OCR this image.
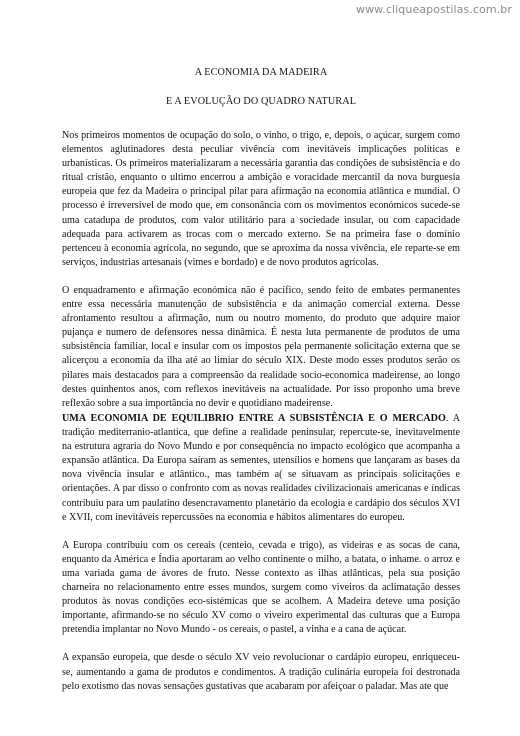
www.cliqueapostilas.com.br

A ECONOMIA DA MADEIRA
E A EVOLUÇÃO DO QUADRO NATURAL

Nos primeiros momentos de ocupação do solo, o vinho, o trigo, e, depois, o açúcar, surgem como elementos aglutinadores desta peculiar vivência com inevitáveis implicações políticas e urbanísticas. Os primeiros materializaram a necessária garantia das condições de subsistência e do ritual cristão, enquanto o ultimo encerrou a ambição e voracidade mercantil da nova burguesia europeia que fez da Madeira o principal pilar para afirmação na economia atlântica e mundial. O processo é irreversível de modo que, em consonância com os movimentos económicos sucede-se uma catadupa de produtos, com valor utilitário para a sociedade insular, ou com capacidade adequada para activarem as trocas com o mercado externo. Se na primeira fase o domínio pertenceu à economia agrícola, no segundo, que se aproxima da nossa vivência, ele reparte-se em serviços, industrias artesanais (vimes e bordado) e de novo produtos agrícolas.

O enquadramento e afirmação económica não é pacífico, sendo feito de embates permanentes entre essa necessária manutenção de subsistência e da animação comercial externa. Desse afrontamento resultou a afirmação, num ou noutro momento, do produto que adquire maior pujança e numero de defensores nessa dinâmica. É nesta luta permanente de produtos de uma subsistência familiar, local e insular com os impostos pela permanente solicitação externa que se alicerçou a economia da ilha até ao limiar do século XIX. Deste modo esses produtos serão os pilares mais destacados para a compreensão da realidade socio-economica madeirense, ao longo destes quinhentos anos, com reflexos inevitáveis na actualidade. Por isso proponho uma breve reflexão sobre a sua importância no devir e quotidiano madeirense.

UMA ECONOMIA DE EQUILIBRIO ENTRE A SUBSISTÊNCIA E O MERCADO. A tradição mediterranio-atlantica, que define a realidade peninsular, repercute-se, inevitavelmente na estrutura agraria do Novo Mundo e por consequência no impacto ecológico que acompanha a expansão atlântica. Da Europa saíram as sementes, utensílios e homens que lançaram as bases da nova vivência insular e atlântico., mas também a( se situavam as principais solicitações e orientações. A par disso o confronto com as novas realidades civilizacionais americanas e índicas contribuiu para um paulatino desencravamento planetário da ecologia e cardápio dos séculos XVI e XVII, com inevitáveis repercussões na economia e hábitos alimentares do europeu.

A Europa contribuiu com os cereais (centeio, cevada e trigo), as videiras e as socas de cana, enquanto da América e Índia aportaram ao velho continente o milho, a batata, o inhame. o arroz e uma variada gama de ávores de fruto. Nesse contexto as ilhas atlânticas, pela sua posição charneira no relacionamento entre esses mundos, surgem como viveiros da aclimatação desses produtos às novas condições eco-sistémicas que se acolhem. A Madeira deteve uma posição importante, afirmando-se no século XV como o viveiro experimental das culturas que a Europa pretendia implantar no Novo Mundo - os cereais, o pastel, a vinha e a cana de açúcar.

A expansão europeia, que desde o século XV veio revolucionar o cardápio europeu, enriqueceu-se, aumentando a gama de produtos e condimentos. A tradição culinária europeia foi destronada pelo exotismo das novas sensações gustativas que acabaram por afeiçoar o paladar. Mas ate que
